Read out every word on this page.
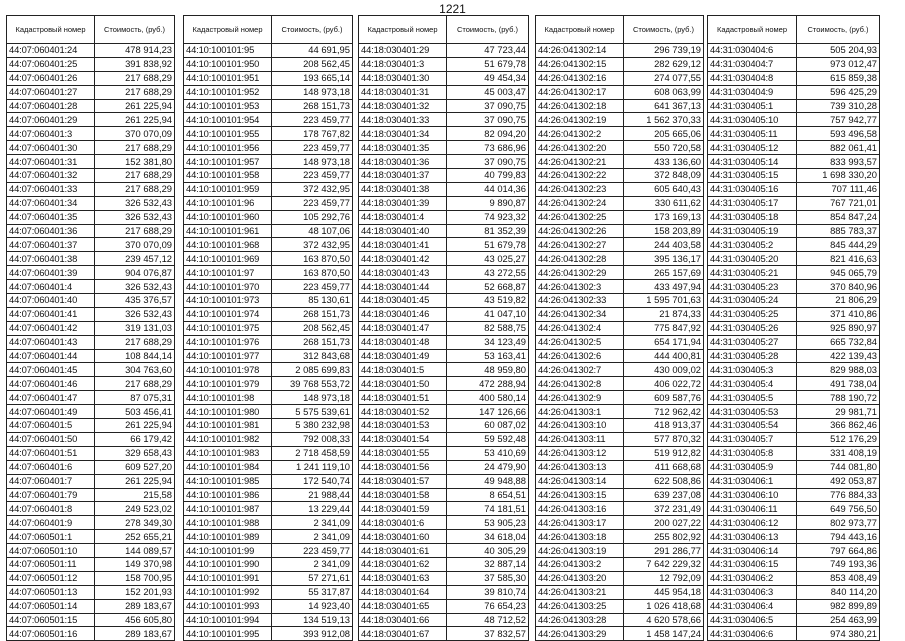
1221
Кадастровый номер	Стоимость, (руб.)
44:07:060401:24	478 914,23
44:07:060401:25	391 838,92
44:07:060401:26	217 688,29
44:07:060401:27	217 688,29
44:07:060401:28	261 225,94
44:07:060401:29	261 225,94
44:07:060401:3	370 070,09
44:07:060401:30	217 688,29
44:07:060401:31	152 381,80
44:07:060401:32	217 688,29
44:07:060401:33	217 688,29
44:07:060401:34	326 532,43
44:07:060401:35	326 532,43
44:07:060401:36	217 688,29
44:07:060401:37	370 070,09
44:07:060401:38	239 457,12
44:07:060401:39	904 076,87
44:07:060401:4	326 532,43
44:07:060401:40	435 376,57
44:07:060401:41	326 532,43
44:07:060401:42	319 131,03
44:07:060401:43	217 688,29
44:07:060401:44	108 844,14
44:07:060401:45	304 763,60
44:07:060401:46	217 688,29
44:07:060401:47	87 075,31
44:07:060401:49	503 456,41
44:07:060401:5	261 225,94
44:07:060401:50	66 179,42
44:07:060401:51	329 658,43
44:07:060401:6	609 527,20
44:07:060401:7	261 225,94
44:07:060401:79	215,58
44:07:060401:8	249 523,02
44:07:060401:9	278 349,30
44:07:060501:1	252 655,21
44:07:060501:10	144 089,57
44:07:060501:11	149 370,98
44:07:060501:12	158 700,95
44:07:060501:13	152 201,93
44:07:060501:14	289 183,67
44:07:060501:15	456 605,80
44:07:060501:16	289 183,67
Кадастровый номер	Стоимость, (руб.)
44:10:100101:95	44 691,95
44:10:100101:950	208 562,45
44:10:100101:951	193 665,14
44:10:100101:952	148 973,18
44:10:100101:953	268 151,73
44:10:100101:954	223 459,77
44:10:100101:955	178 767,82
44:10:100101:956	223 459,77
44:10:100101:957	148 973,18
44:10:100101:958	223 459,77
44:10:100101:959	372 432,95
44:10:100101:96	223 459,77
44:10:100101:960	105 292,76
44:10:100101:961	48 107,06
44:10:100101:968	372 432,95
44:10:100101:969	163 870,50
44:10:100101:97	163 870,50
44:10:100101:970	223 459,77
44:10:100101:973	85 130,61
44:10:100101:974	268 151,73
44:10:100101:975	208 562,45
44:10:100101:976	268 151,73
44:10:100101:977	312 843,68
44:10:100101:978	2 085 699,83
44:10:100101:979	39 768 553,72
44:10:100101:98	148 973,18
44:10:100101:980	5 575 539,61
44:10:100101:981	5 380 232,98
44:10:100101:982	792 008,33
44:10:100101:983	2 718 458,59
44:10:100101:984	1 241 119,10
44:10:100101:985	172 540,74
44:10:100101:986	21 988,44
44:10:100101:987	13 229,44
44:10:100101:988	2 341,09
44:10:100101:989	2 341,09
44:10:100101:99	223 459,77
44:10:100101:990	2 341,09
44:10:100101:991	57 271,61
44:10:100101:992	55 317,87
44:10:100101:993	14 923,40
44:10:100101:994	134 519,13
44:10:100101:995	393 912,08
Кадастровый номер	Стоимость, (руб.)
44:18:030401:29	47 723,44
44:18:030401:3	51 679,78
44:18:030401:30	49 454,34
44:18:030401:31	45 003,47
44:18:030401:32	37 090,75
44:18:030401:33	37 090,75
44:18:030401:34	82 094,20
44:18:030401:35	73 686,96
44:18:030401:36	37 090,75
44:18:030401:37	40 799,83
44:18:030401:38	44 014,36
44:18:030401:39	9 890,87
44:18:030401:4	74 923,32
44:18:030401:40	81 352,39
44:18:030401:41	51 679,78
44:18:030401:42	43 025,27
44:18:030401:43	43 272,55
44:18:030401:44	52 668,87
44:18:030401:45	43 519,82
44:18:030401:46	41 047,10
44:18:030401:47	82 588,75
44:18:030401:48	34 123,49
44:18:030401:49	53 163,41
44:18:030401:5	48 959,80
44:18:030401:50	472 288,94
44:18:030401:51	400 580,14
44:18:030401:52	147 126,66
44:18:030401:53	60 087,02
44:18:030401:54	59 592,48
44:18:030401:55	53 410,69
44:18:030401:56	24 479,90
44:18:030401:57	49 948,88
44:18:030401:58	8 654,51
44:18:030401:59	74 181,51
44:18:030401:6	53 905,23
44:18:030401:60	34 618,04
44:18:030401:61	40 305,29
44:18:030401:62	32 887,14
44:18:030401:63	37 585,30
44:18:030401:64	39 810,74
44:18:030401:65	76 654,23
44:18:030401:66	48 712,52
44:18:030401:67	37 832,57
Кадастровый номер	Стоимость, (руб.)
44:26:041302:14	296 739,19
44:26:041302:15	282 629,12
44:26:041302:16	274 077,55
44:26:041302:17	608 063,99
44:26:041302:18	641 367,13
44:26:041302:19	1 562 370,33
44:26:041302:2	205 665,06
44:26:041302:20	550 720,58
44:26:041302:21	433 136,60
44:26:041302:22	372 848,09
44:26:041302:23	605 640,43
44:26:041302:24	330 611,62
44:26:041302:25	173 169,13
44:26:041302:26	158 203,89
44:26:041302:27	244 403,58
44:26:041302:28	395 136,17
44:26:041302:29	265 157,69
44:26:041302:3	433 497,94
44:26:041302:33	1 595 701,63
44:26:041302:34	21 874,33
44:26:041302:4	775 847,92
44:26:041302:5	654 171,94
44:26:041302:6	444 400,81
44:26:041302:7	430 009,02
44:26:041302:8	406 022,72
44:26:041302:9	609 587,76
44:26:041303:1	712 962,42
44:26:041303:10	418 913,37
44:26:041303:11	577 870,32
44:26:041303:12	519 912,82
44:26:041303:13	411 668,68
44:26:041303:14	622 508,86
44:26:041303:15	639 237,08
44:26:041303:16	372 231,49
44:26:041303:17	200 027,22
44:26:041303:18	255 802,92
44:26:041303:19	291 286,77
44:26:041303:2	7 642 229,32
44:26:041303:20	12 792,09
44:26:041303:21	445 954,18
44:26:041303:25	1 026 418,68
44:26:041303:28	4 620 578,66
44:26:041303:29	1 458 147,24
Кадастровый номер	Стоимость, (руб.)
44:31:030404:6	505 204,93
44:31:030404:7	973 012,47
44:31:030404:8	615 859,38
44:31:030404:9	596 425,29
44:31:030405:1	739 310,28
44:31:030405:10	757 942,77
44:31:030405:11	593 496,58
44:31:030405:12	882 061,41
44:31:030405:14	833 993,57
44:31:030405:15	1 698 330,20
44:31:030405:16	707 111,46
44:31:030405:17	767 721,01
44:31:030405:18	854 847,24
44:31:030405:19	885 783,37
44:31:030405:2	845 444,29
44:31:030405:20	821 416,63
44:31:030405:21	945 065,79
44:31:030405:23	370 840,96
44:31:030405:24	21 806,29
44:31:030405:25	371 410,86
44:31:030405:26	925 890,97
44:31:030405:27	665 732,84
44:31:030405:28	422 139,43
44:31:030405:3	829 988,03
44:31:030405:4	491 738,04
44:31:030405:5	788 190,72
44:31:030405:53	29 981,71
44:31:030405:54	366 862,46
44:31:030405:7	512 176,29
44:31:030405:8	331 408,19
44:31:030405:9	744 081,80
44:31:030406:1	492 053,87
44:31:030406:10	776 884,33
44:31:030406:11	649 756,50
44:31:030406:12	802 973,77
44:31:030406:13	794 443,16
44:31:030406:14	797 664,86
44:31:030406:15	749 193,36
44:31:030406:2	853 408,49
44:31:030406:3	840 114,20
44:31:030406:4	982 899,89
44:31:030406:5	254 463,99
44:31:030406:6	974 380,21
